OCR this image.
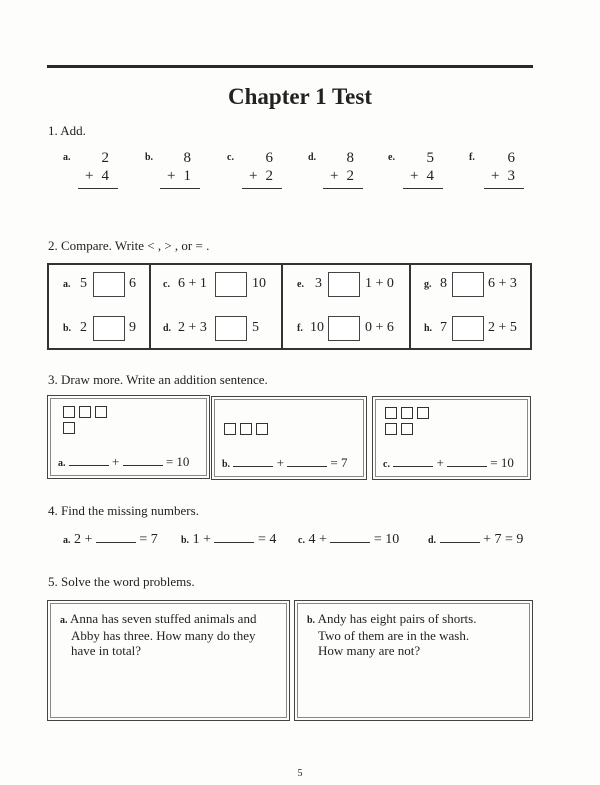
Chapter 1 Test
1. Add.
a. 2
+ 4
b. 8
+ 1
c. 6
+ 2
d. 8
+ 2
e. 5
+ 4
f. 6
+ 3
2. Compare. Write < , > , or = .
a. 5	6
b. 2	9
c. 6 + 1	10
d. 2 + 3	5
e. 3	1 + 0
f. 10	0 + 6
g. 8	6 + 3
h. 7	2 + 5
3. Draw more. Write an addition sentence.
a.	+	= 10	b.	+	= 7	c.	+	= 10
4. Find the missing numbers.
a. 2 +	= 7 b. 1 +	= 4 c. 4 +	= 10	d.	+ 7 = 9
5. Solve the word problems.
a. Anna has seven stuffed animals and
Abby has three. How many do they
have in total?
b. Andy has eight pairs of shorts.
Two of them are in the wash.
How many are not?
5
